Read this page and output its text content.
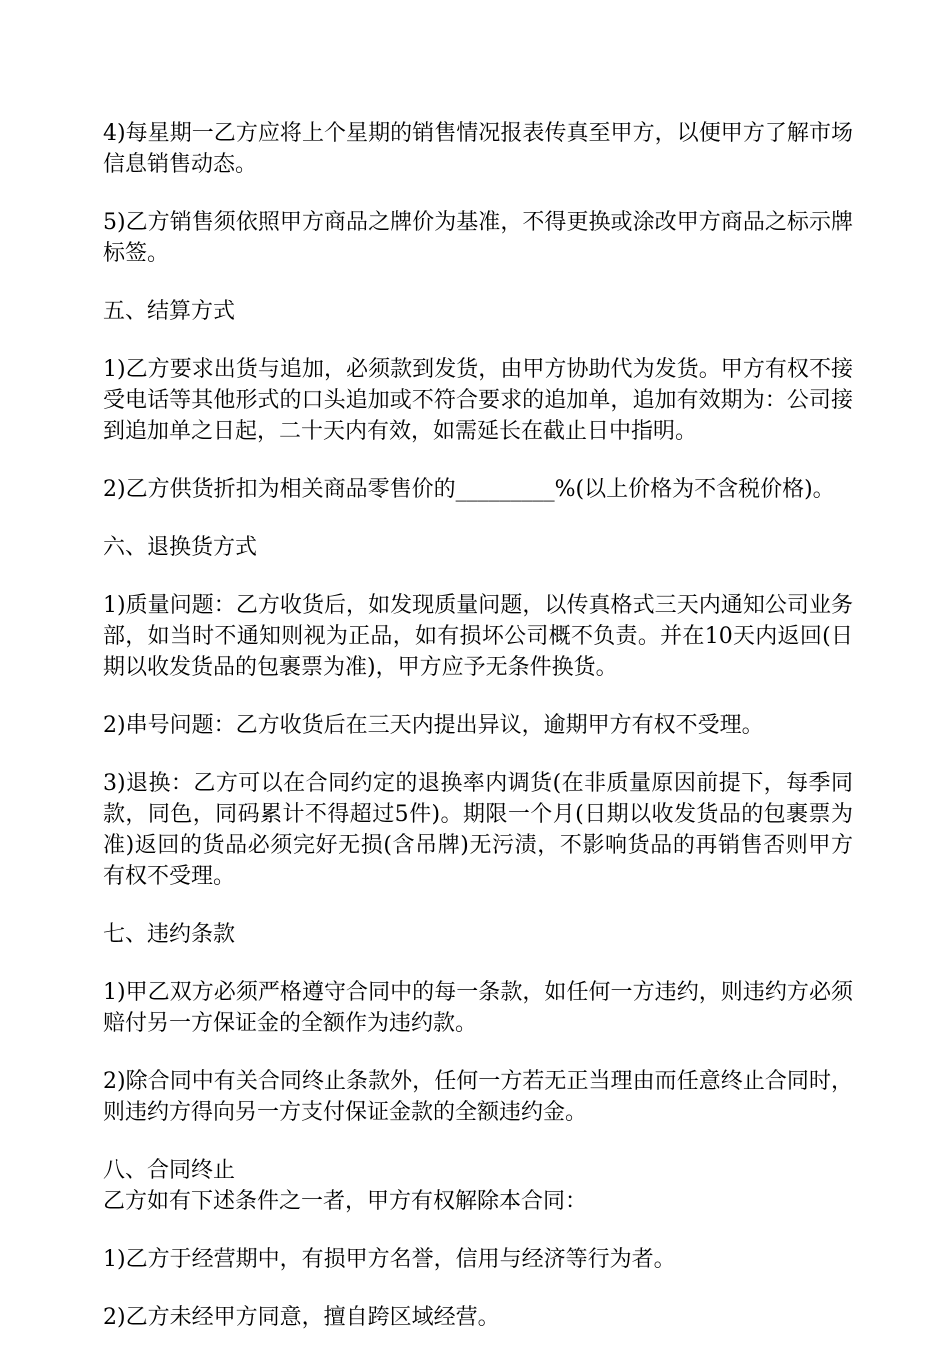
4)每星期一乙方应将上个星期的销售情况报表传真至甲方，以便甲方了解市场信息销售动态。

5)乙方销售须依照甲方商品之牌价为基准，不得更换或涂改甲方商品之标示牌标签。

五、结算方式

1)乙方要求出货与追加，必须款到发货，由甲方协助代为发货。甲方有权不接受电话等其他形式的口头追加或不符合要求的追加单，追加有效期为：公司接到追加单之日起，二十天内有效，如需延长在截止日中指明。

2)乙方供货折扣为相关商品零售价的_________%(以上价格为不含税价格)。

六、退换货方式

1)质量问题：乙方收货后，如发现质量问题，以传真格式三天内通知公司业务部，如当时不通知则视为正品，如有损坏公司概不负责。并在10天内返回(日期以收发货品的包裹票为准)，甲方应予无条件换货。

2)串号问题：乙方收货后在三天内提出异议，逾期甲方有权不受理。

3)退换：乙方可以在合同约定的退换率内调货(在非质量原因前提下，每季同款，同色，同码累计不得超过5件)。期限一个月(日期以收发货品的包裹票为准)返回的货品必须完好无损(含吊牌)无污渍，不影响货品的再销售否则甲方有权不受理。

七、违约条款

1)甲乙双方必须严格遵守合同中的每一条款，如任何一方违约，则违约方必须赔付另一方保证金的全额作为违约款。

2)除合同中有关合同终止条款外，任何一方若无正当理由而任意终止合同时，则违约方得向另一方支付保证金款的全额违约金。

八、合同终止

乙方如有下述条件之一者，甲方有权解除本合同：

1)乙方于经营期中，有损甲方名誉，信用与经济等行为者。

2)乙方未经甲方同意，擅自跨区域经营。
